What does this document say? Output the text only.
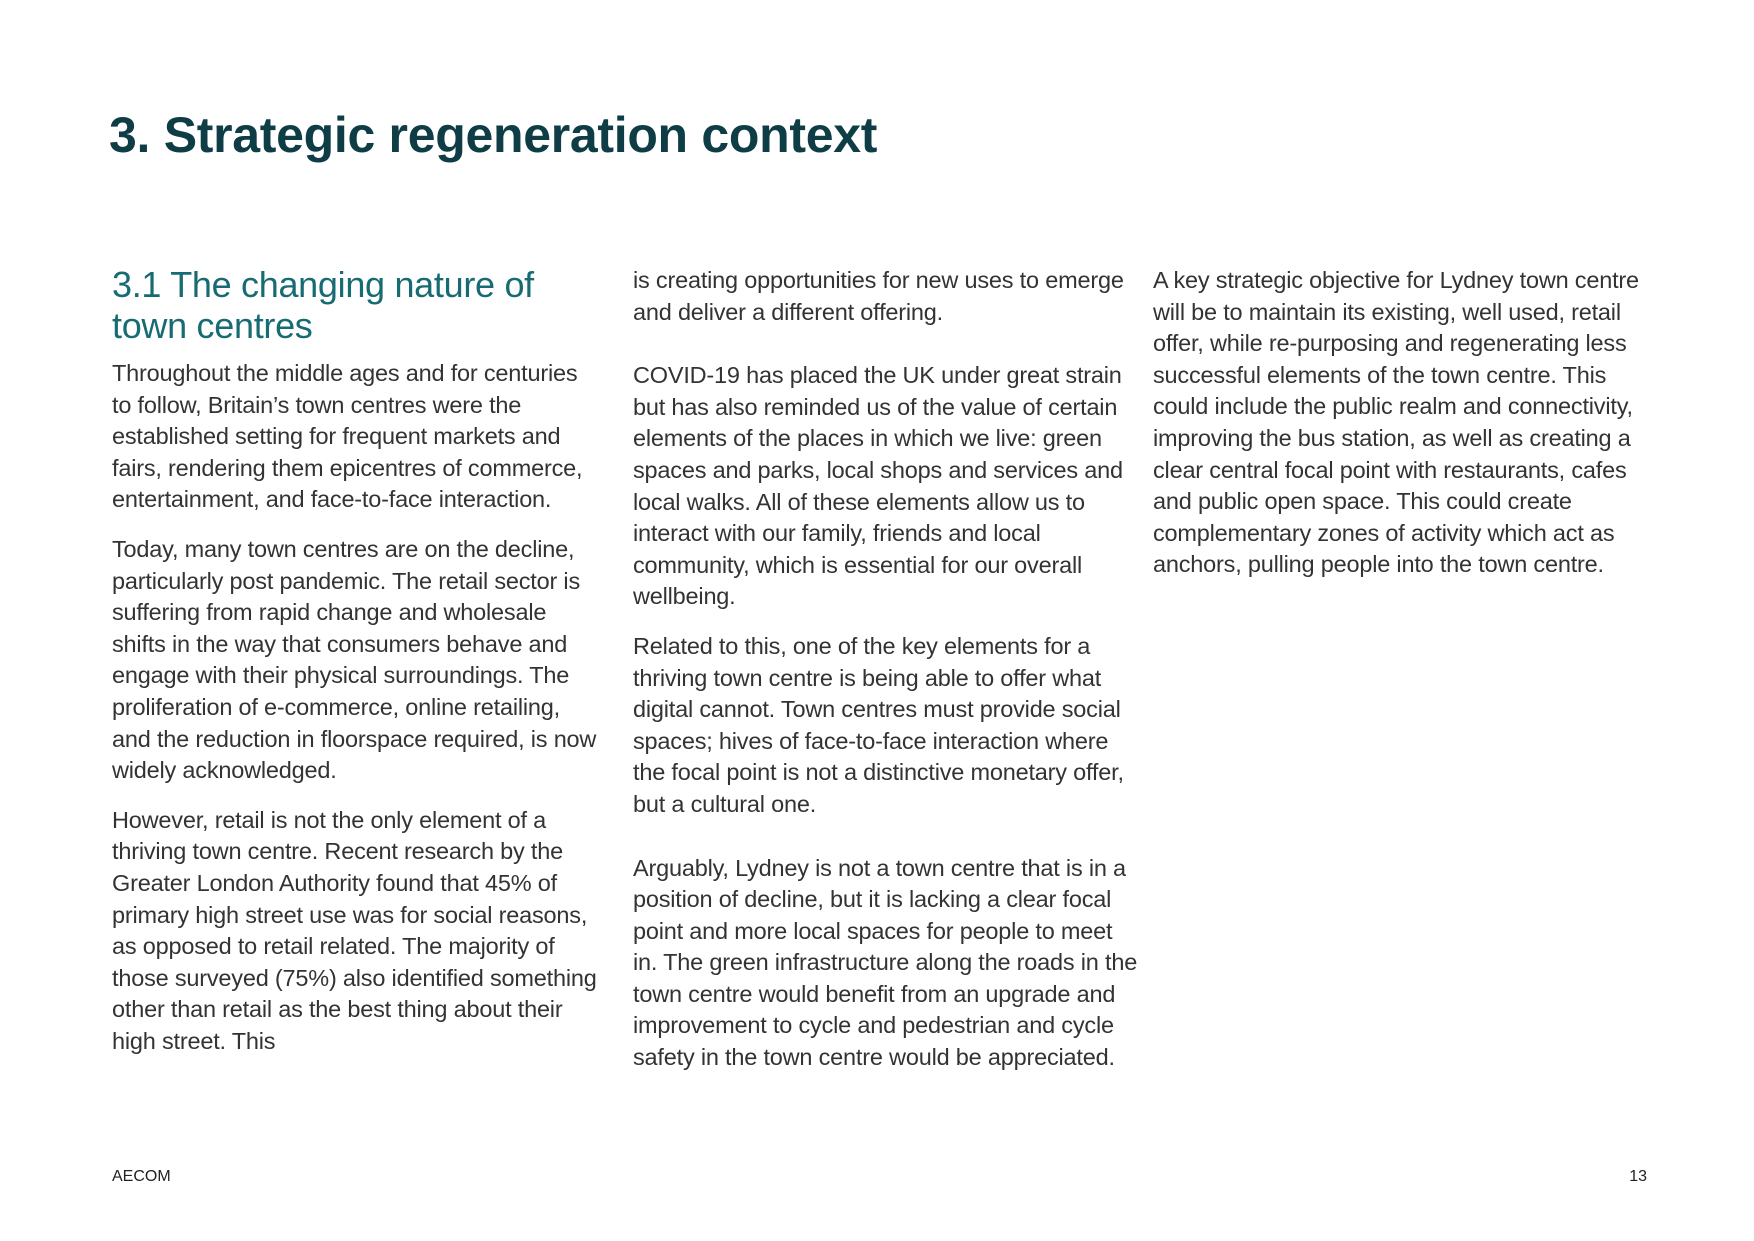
3. Strategic regeneration context
3.1 The changing nature of town centres

Throughout the middle ages and for centuries to follow, Britain’s town centres were the established setting for frequent markets and fairs, rendering them epicentres of commerce, entertainment, and face-to-face interaction.

Today, many town centres are on the decline, particularly post pandemic. The retail sector is suffering from rapid change and wholesale shifts in the way that consumers behave and engage with their physical surroundings. The proliferation of e-commerce, online retailing, and the reduction in floorspace required, is now widely acknowledged.

However, retail is not the only element of a thriving town centre. Recent research by the Greater London Authority found that 45% of primary high street use was for social reasons, as opposed to retail related. The majority of those surveyed (75%) also identified something other than retail as the best thing about their high street. This

is creating opportunities for new uses to emerge and deliver a different offering.

COVID-19 has placed the UK under great strain but has also reminded us of the value of certain elements of the places in which we live: green spaces and parks, local shops and services and local walks. All of these elements allow us to interact with our family, friends and local community, which is essential for our overall wellbeing.

Related to this, one of the key elements for a thriving town centre is being able to offer what digital cannot. Town centres must provide social spaces; hives of face-to-face interaction where the focal point is not a distinctive monetary offer, but a cultural one.

Arguably, Lydney is not a town centre that is in a position of decline, but it is lacking a clear focal point and more local spaces for people to meet in. The green infrastructure along the roads in the town centre would benefit from an upgrade and improvement to cycle and pedestrian and cycle safety in the town centre would be appreciated.

A key strategic objective for Lydney town centre will be to maintain its existing, well used, retail offer, while re-purposing and regenerating less successful elements of the town centre. This could include the public realm and connectivity, improving the bus station, as well as creating a clear central focal point with restaurants, cafes and public open space. This could create complementary zones of activity which act as anchors, pulling people into the town centre.

AECOM	13
